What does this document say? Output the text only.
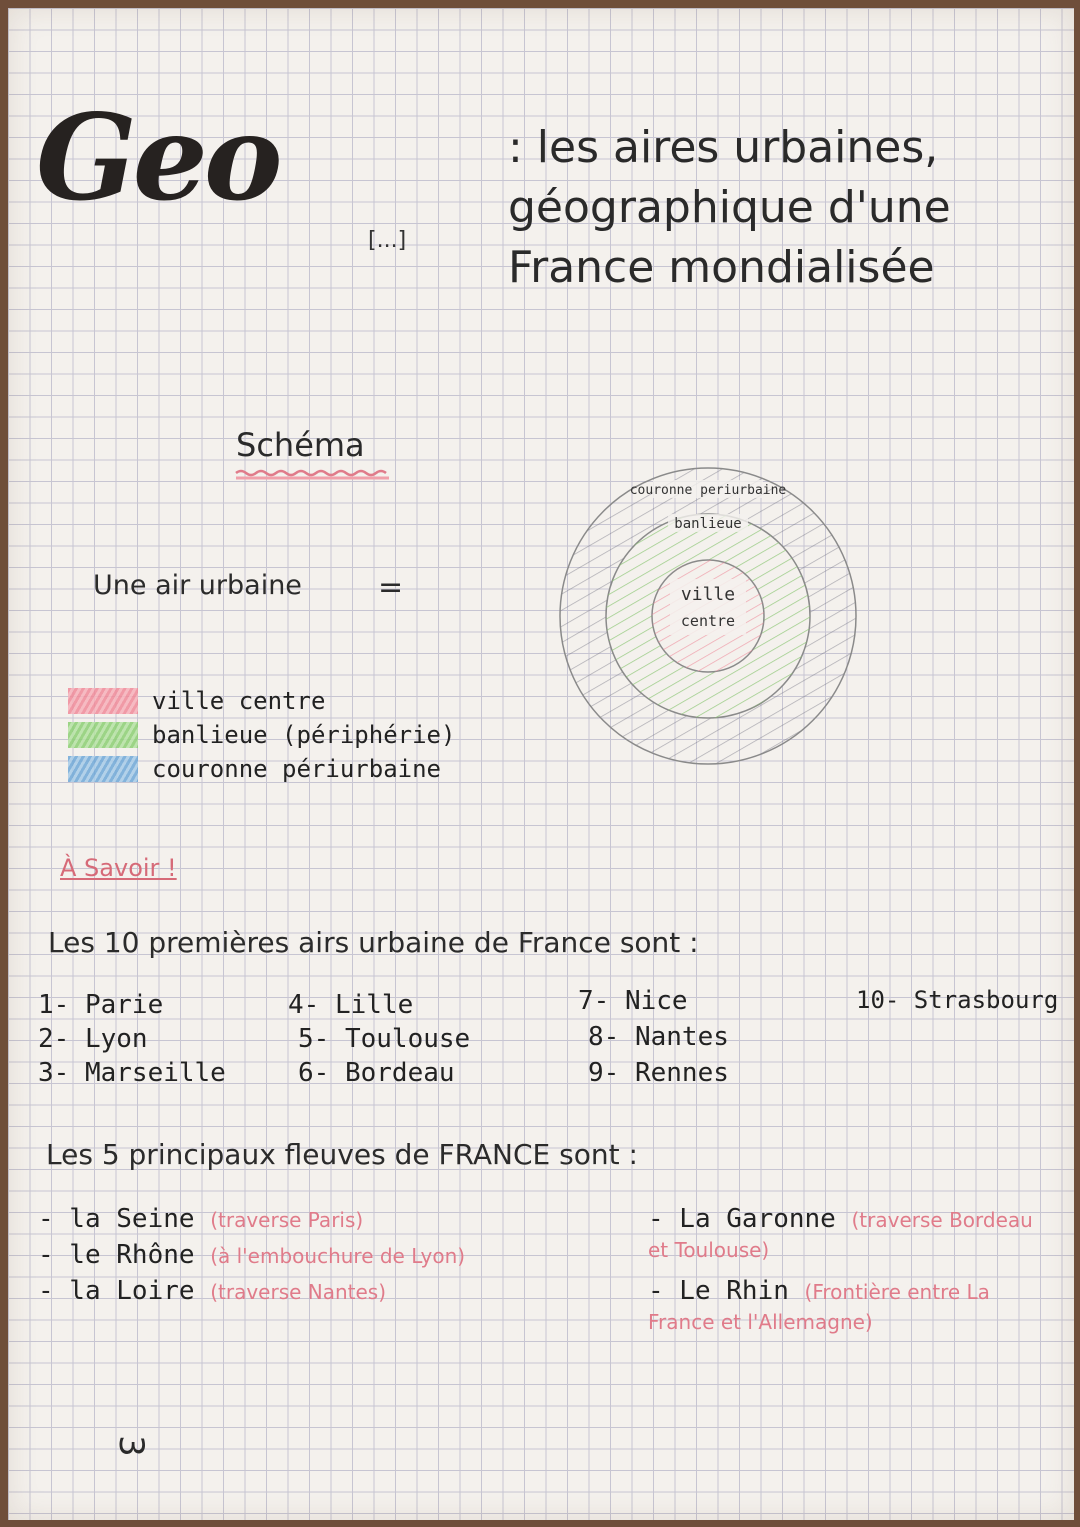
Geo
[...]
: les aires urbaines, géographique d'une France mondialisée
Schéma
Une air urbaine	=
ville centre
banlieue (périphérie)
couronne périurbaine
couronne periurbaine
banlieue
ville
centre
À Savoir !
Les 10 premières airs urbaine de France sont :
1- Parie
2- Lyon
3- Marseille
4- Lille
5- Toulouse
6- Bordeau
7- Nice
8- Nantes
9- Rennes
10- Strasbourg
Les 5 principaux fleuves de FRANCE sont :
- la Seine (traverse Paris)
- le Rhône (à l'embouchure de Lyon)
- la Loire (traverse Nantes)
- La Garonne (traverse Bordeau et Toulouse)
- Le Rhin (Frontière entre La France et l'Allemagne)
3
